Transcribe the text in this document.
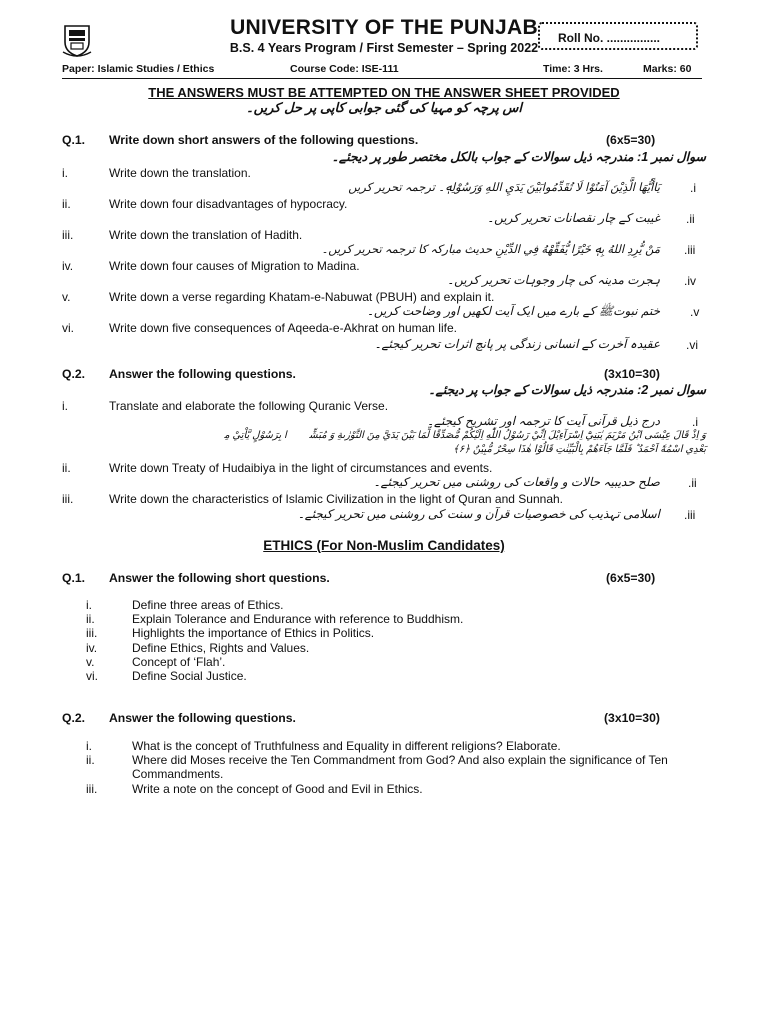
UNIVERSITY OF THE PUNJAB
B.S. 4 Years Program / First Semester – Spring 2022
Roll No. ................
Paper: Islamic Studies / Ethics	Course Code: ISE-111	Time: 3 Hrs.	Marks: 60
THE ANSWERS MUST BE ATTEMPTED ON THE ANSWER SHEET PROVIDED
اس پرچہ کو مہیا کی گئی جوابی کاپی پر حل کریں۔
Q.1. Write down short answers of the following questions.	(6x5=30)
سوال نمبر 1: مندرجہ ذیل سوالات کے جواب بالکل مختصر طور پر دیجئے۔
i.	Write down the translation.
يَاأَيُّهَا الَّذِيْنَ آمَنُوْا لَا تُقَدِّمُوابَيْنَ يَدَيِ اللهِ وَرَسُوْلِهٖ۔ ترجمہ تحریر کریں	.i
ii.	Write down four disadvantages of hypocracy.
غیبت کے چار نقصانات تحریر کریں۔ .ii
iii.	Write down the translation of Hadith.
مَنْ يُّرِدِ اللهُ بِهٖ خَيْرًا يُّفَقِّهْهُ فِي الدِّيْنِ حدیث مبارکہ کا ترجمہ تحریر کریں۔ .iii
iv.	Write down four causes of Migration to Madina.
ہجرت مدینہ کی چار وجوہات تحریر کریں۔ .iv
v.	Write down a verse regarding Khatam-e-Nabuwat (PBUH) and explain it.
ختم نبوتﷺ کے بارے میں ایک آیت لکھیں اور وضاحت کریں۔	.v
vi.	Write down five consequences of Aqeeda-e-Akhrat on human life.
عقیدہ آخرت کے انسانی زندگی پر پانچ اثرات تحریر کیجئے۔ .vi
Q.2. Answer the following questions.	(3x10=30)
سوال نمبر 2: مندرجہ ذیل سوالات کے جواب پر دیجئے۔
i.	Translate and elaborate the following Quranic Verse.
درج ذیل قرآنی آیت کا ترجمہ اور تشریح کیجئے۔	.i
وَ اِذْ قَالَ عِيْسَى ابْنُ مَرْيَمَ يٰبَنِيْٓ اِسْرَآءِيْلَ اِنِّيْ رَسُوْلُ اللّٰهِ اِلَيْكُمْ مُّصَدِّقًا لِّمَا بَيْنَ يَدَيَّ مِنَ التَّوْرٰىةِ وَ مُبَشِّرًۢا بِرَسُوْلٍ يَّاْتِيْ مِنْۢ
بَعْدِي اسْمُهٗٓ اَحْمَدُ ؕ فَلَمَّا جَآءَهُمْ بِالْبَيِّنٰتِ قَالُوْا هٰذَا سِحْرٌ مُّبِيْنٌ ﴿۶﴾
ii.	Write down Treaty of Hudaibiya in the light of circumstances and events.
صلح حدیبیہ حالات و واقعات کی روشنی میں تحریر کیجئے۔ .ii
iii.	Write down the characteristics of Islamic Civilization in the light of Quran and Sunnah.
اسلامی تہذیب کی خصوصیات قرآن و سنت کی روشنی میں تحریر کیجئے۔ .iii
ETHICS (For Non-Muslim Candidates)
Q.1. Answer the following short questions.	(6x5=30)
i.	Define three areas of Ethics.
ii.	Explain Tolerance and Endurance with reference to Buddhism.
iii.	Highlights the importance of Ethics in Politics.
iv.	Define Ethics, Rights and Values.
v.	Concept of ‘Flah’.
vi.	Define Social Justice.
Q.2. Answer the following questions.	(3x10=30)
i.	What is the concept of Truthfulness and Equality in different religions? Elaborate.
ii.	Where did Moses receive the Ten Commandment from God? And also explain the significance of Ten Commandments.
iii.	Write a note on the concept of Good and Evil in Ethics.
